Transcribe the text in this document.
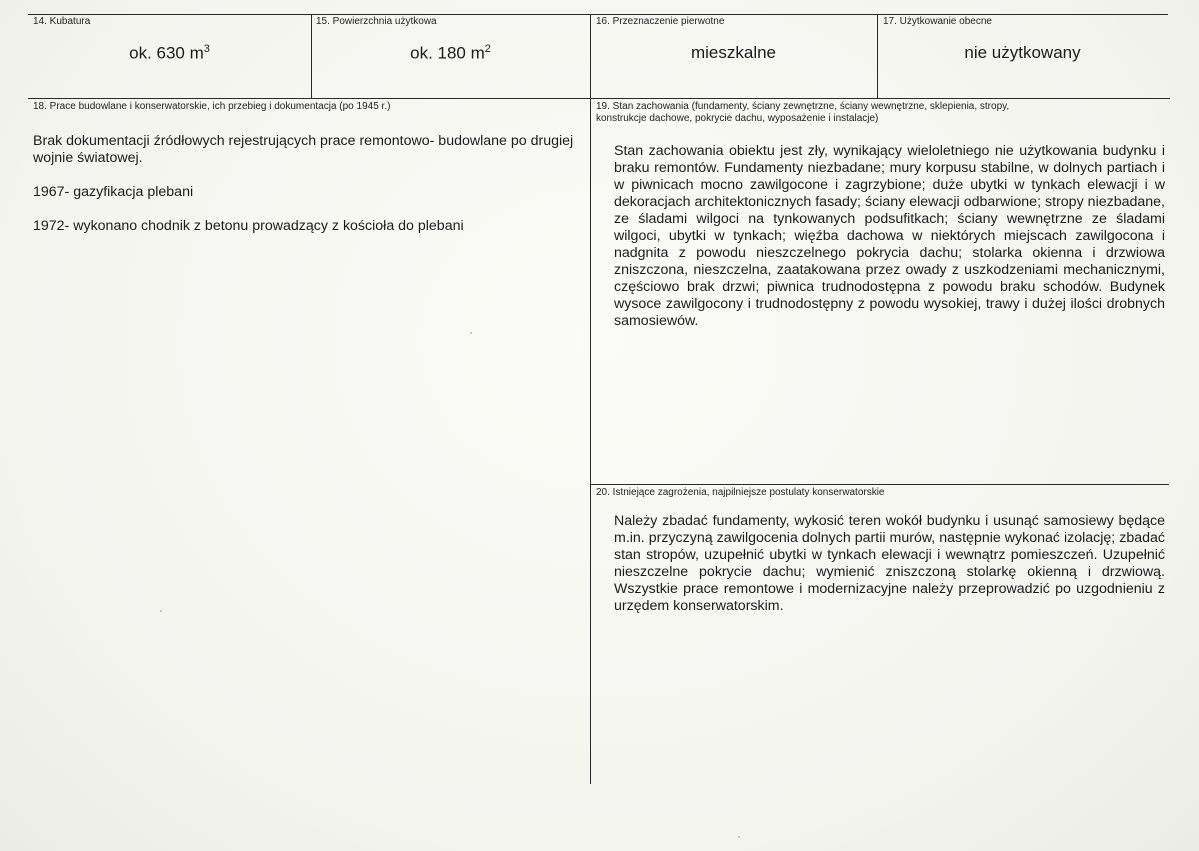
14. Kubatura
ok. 630 $m^3$
15. Powierzchnia użytkowa
ok. 180 $m^2$
16. Przeznaczenie pierwotne
mieszkalne
17. Użytkowanie obecne
nie użytkowany
18. Prace budowlane i konserwatorskie, ich przebieg i dokumentacja (po 1945 r.)

Brak dokumentacji źródłowych rejestrujących prace remontowo- budowlane po drugiej wojnie światowej.

1967- gazyfikacja plebani

1972- wykonano chodnik z betonu prowadzący z kościoła do plebani

19. Stan zachowania (fundamenty, ściany zewnętrzne, ściany wewnętrzne, sklepienia, stropy,
konstrukcje dachowe, pokrycie dachu, wyposażenie i instalacje)
Stan zachowania obiektu jest zły, wynikający wieloletniego nie użytkowania budynku i braku remontów. Fundamenty niezbadane; mury korpusu stabilne, w dolnych partiach i w piwnicach mocno zawilgocone i zagrzybione; duże ubytki w tynkach elewacji i w dekoracjach architektonicznych fasady; ściany elewacji odbarwione; stropy niezbadane, ze śladami wilgoci na tynkowanych podsufitkach; ściany wewnętrzne ze śladami wilgoci, ubytki w tynkach; więźba dachowa w niektórych miejscach zawilgocona i nadgnita z powodu nieszczelnego pokrycia dachu; stolarka okienna i drzwiowa zniszczona, nieszczelna, zaatakowana przez owady z uszkodzeniami mechanicznymi, częściowo brak drzwi; piwnica trudnodostępna z powodu braku schodów. Budynek wysoce zawilgocony i trudnodostępny z powodu wysokiej, trawy i dużej ilości drobnych samosiewów.
20. Istniejące zagrożenia, najpilniejsze postulaty konserwatorskie
Należy zbadać fundamenty, wykosić teren wokół budynku i usunąć samosiewy będące m.in. przyczyną zawilgocenia dolnych partii murów, następnie wykonać izolację; zbadać stan stropów, uzupełnić ubytki w tynkach elewacji i wewnątrz pomieszczeń. Uzupełnić nieszczelne pokrycie dachu; wymienić zniszczoną stolarkę okienną i drzwiową. Wszystkie prace remontowe i modernizacyjne należy przeprowadzić po uzgodnieniu z urzędem konserwatorskim.
